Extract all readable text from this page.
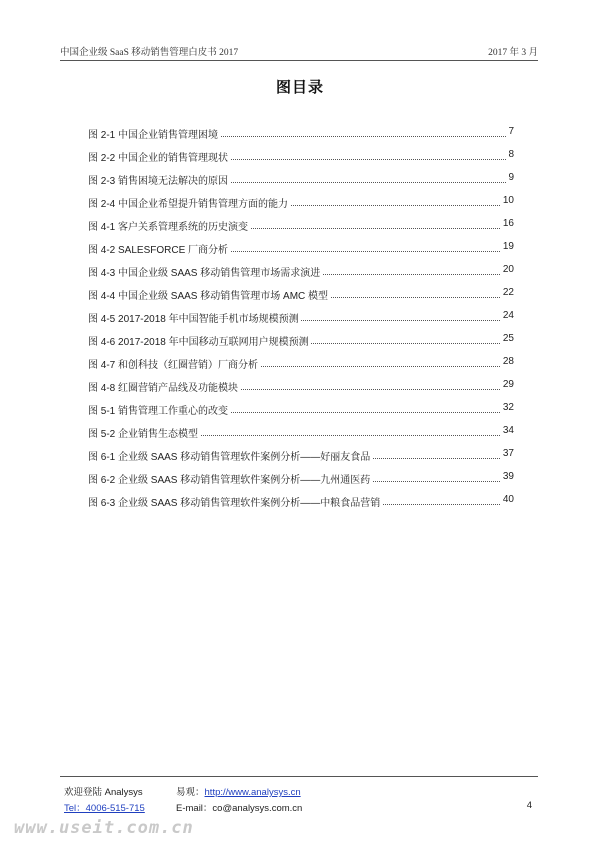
中国企业级 SaaS 移动销售管理白皮书 2017	2017 年 3 月
图目录
图 2-1 中国企业销售管理困境	7
图 2-2 中国企业的销售管理现状	8
图 2-3 销售困境无法解决的原因	9
图 2-4 中国企业希望提升销售管理方面的能力	10
图 4-1 客户关系管理系统的历史演变	16
图 4-2 SALESFORCE 厂商分析	19
图 4-3 中国企业级 SAAS 移动销售管理市场需求演进	20
图 4-4 中国企业级 SAAS 移动销售管理市场 AMC 模型	22
图 4-5 2017-2018 年中国智能手机市场规模预测	24
图 4-6 2017-2018 年中国移动互联网用户规模预测	25
图 4-7 和创科技（红圈营销）厂商分析	28
图 4-8 红圈营销产品线及功能模块	29
图 5-1 销售管理工作重心的改变	32
图 5-2 企业销售生态模型	34
图 6-1 企业级 SAAS 移动销售管理软件案例分析——好丽友食品	37
图 6-2 企业级 SAAS 移动销售管理软件案例分析——九州通医药	39
图 6-3 企业级 SAAS 移动销售管理软件案例分析——中粮食品营销	40
欢迎登陆 Analysys	易观：http://www.analysys.cn
Tel：4006-515-715	E-mail：co@analysys.com.cn	4
www.useit.com.cn
